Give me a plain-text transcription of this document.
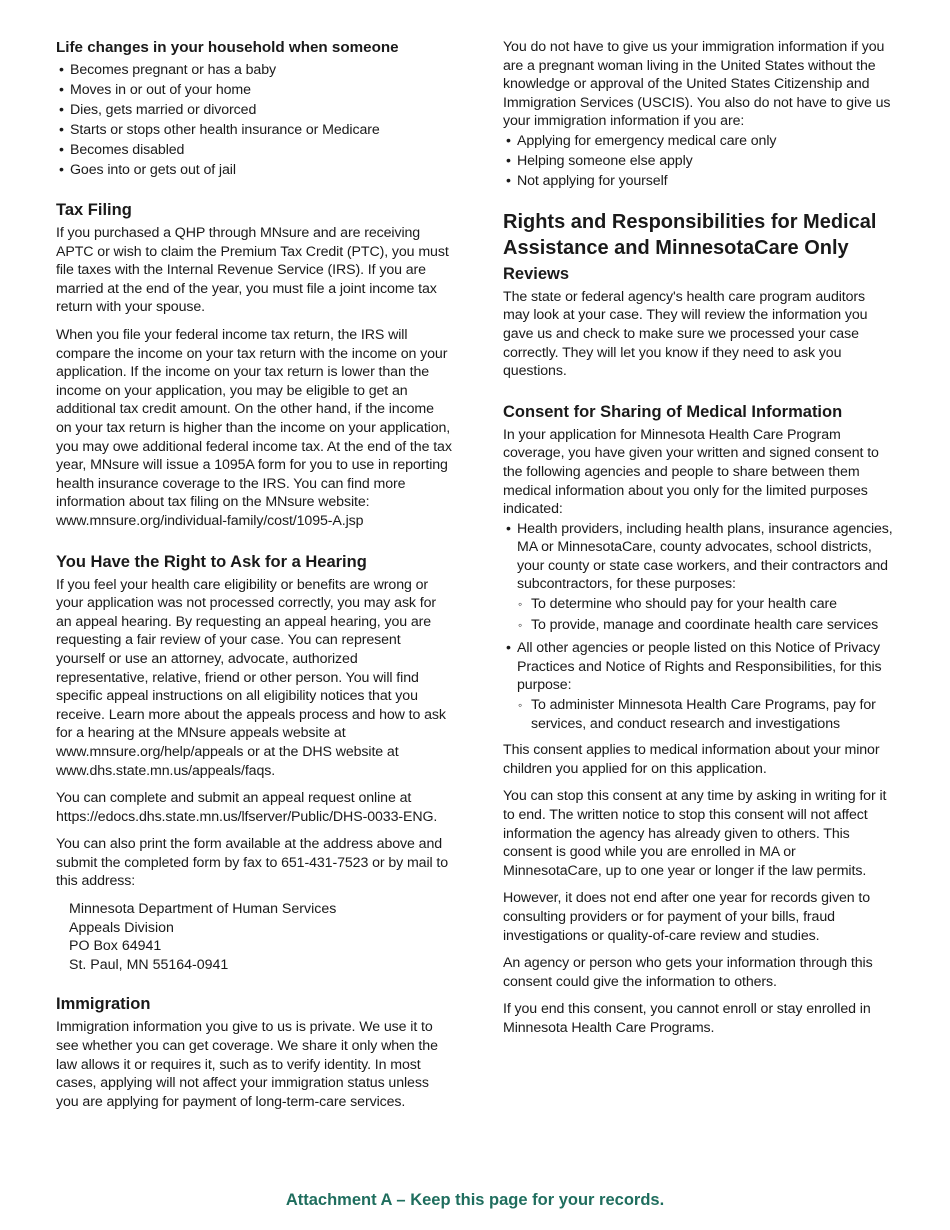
Life changes in your household when someone
• Becomes pregnant or has a baby
• Moves in or out of your home
• Dies, gets married or divorced
• Starts or stops other health insurance or Medicare
• Becomes disabled
• Goes into or gets out of jail
Tax Filing

If you purchased a QHP through MNsure and are receiving APTC or wish to claim the Premium Tax Credit (PTC), you must file taxes with the Internal Revenue Service (IRS). If you are married at the end of the year, you must file a joint income tax return with your spouse.

When you file your federal income tax return, the IRS will compare the income on your tax return with the income on your application. If the income on your tax return is lower than the income on your application, you may be eligible to get an additional tax credit amount. On the other hand, if the income on your tax return is higher than the income on your application, you may owe additional federal income tax. At the end of the tax year, MNsure will issue a 1095A form for you to use in reporting health insurance coverage to the IRS. You can find more information about tax filing on the MNsure website: www.mnsure.org/individual-family/cost/1095-A.jsp

You Have the Right to Ask for a Hearing

If you feel your health care eligibility or benefits are wrong or your application was not processed correctly, you may ask for an appeal hearing. By requesting an appeal hearing, you are requesting a fair review of your case. You can represent yourself or use an attorney, advocate, authorized representative, relative, friend or other person. You will find specific appeal instructions on all eligibility notices that you receive. Learn more about the appeals process and how to ask for a hearing at the MNsure appeals website at www.mnsure.org/help/appeals or at the DHS website at www.dhs.state.mn.us/appeals/faqs.

You can complete and submit an appeal request online at https://edocs.dhs.state.mn.us/lfserver/Public/DHS-0033-ENG.

You can also print the form available at the address above and submit the completed form by fax to 651-431-7523 or by mail to this address:

Minnesota Department of Human Services
Appeals Division
PO Box 64941
St. Paul, MN 55164-0941
Immigration

Immigration information you give to us is private. We use it to see whether you can get coverage. We share it only when the law allows it or requires it, such as to verify identity. In most cases, applying will not affect your immigration status unless you are applying for payment of long-term-care services.

You do not have to give us your immigration information if you are a pregnant woman living in the United States without the knowledge or approval of the United States Citizenship and Immigration Services (USCIS). You also do not have to give us your immigration information if you are:

• Applying for emergency medical care only
• Helping someone else apply
• Not applying for yourself
Rights and Responsibilities for Medical Assistance and MinnesotaCare Only
Reviews

The state or federal agency's health care program auditors may look at your case. They will review the information you gave us and check to make sure we processed your case correctly. They will let you know if they need to ask you questions.

Consent for Sharing of Medical Information

In your application for Minnesota Health Care Program coverage, you have given your written and signed consent to the following agencies and people to share between them medical information about you only for the limited purposes indicated:

• Health providers, including health plans, insurance agencies, MA or MinnesotaCare, county advocates, school districts, your county or state case workers, and their contractors and subcontractors, for these purposes:
◦ To determine who should pay for your health care
◦ To provide, manage and coordinate health care services
• All other agencies or people listed on this Notice of Privacy Practices and Notice of Rights and Responsibilities, for this purpose:
◦ To administer Minnesota Health Care Programs, pay for services, and conduct research and investigations

This consent applies to medical information about your minor children you applied for on this application.

You can stop this consent at any time by asking in writing for it to end. The written notice to stop this consent will not affect information the agency has already given to others. This consent is good while you are enrolled in MA or MinnesotaCare, up to one year or longer if the law permits.

However, it does not end after one year for records given to consulting providers or for payment of your bills, fraud investigations or quality-of-care review and studies.

An agency or person who gets your information through this consent could give the information to others.

If you end this consent, you cannot enroll or stay enrolled in Minnesota Health Care Programs.

Attachment A – Keep this page for your records.
